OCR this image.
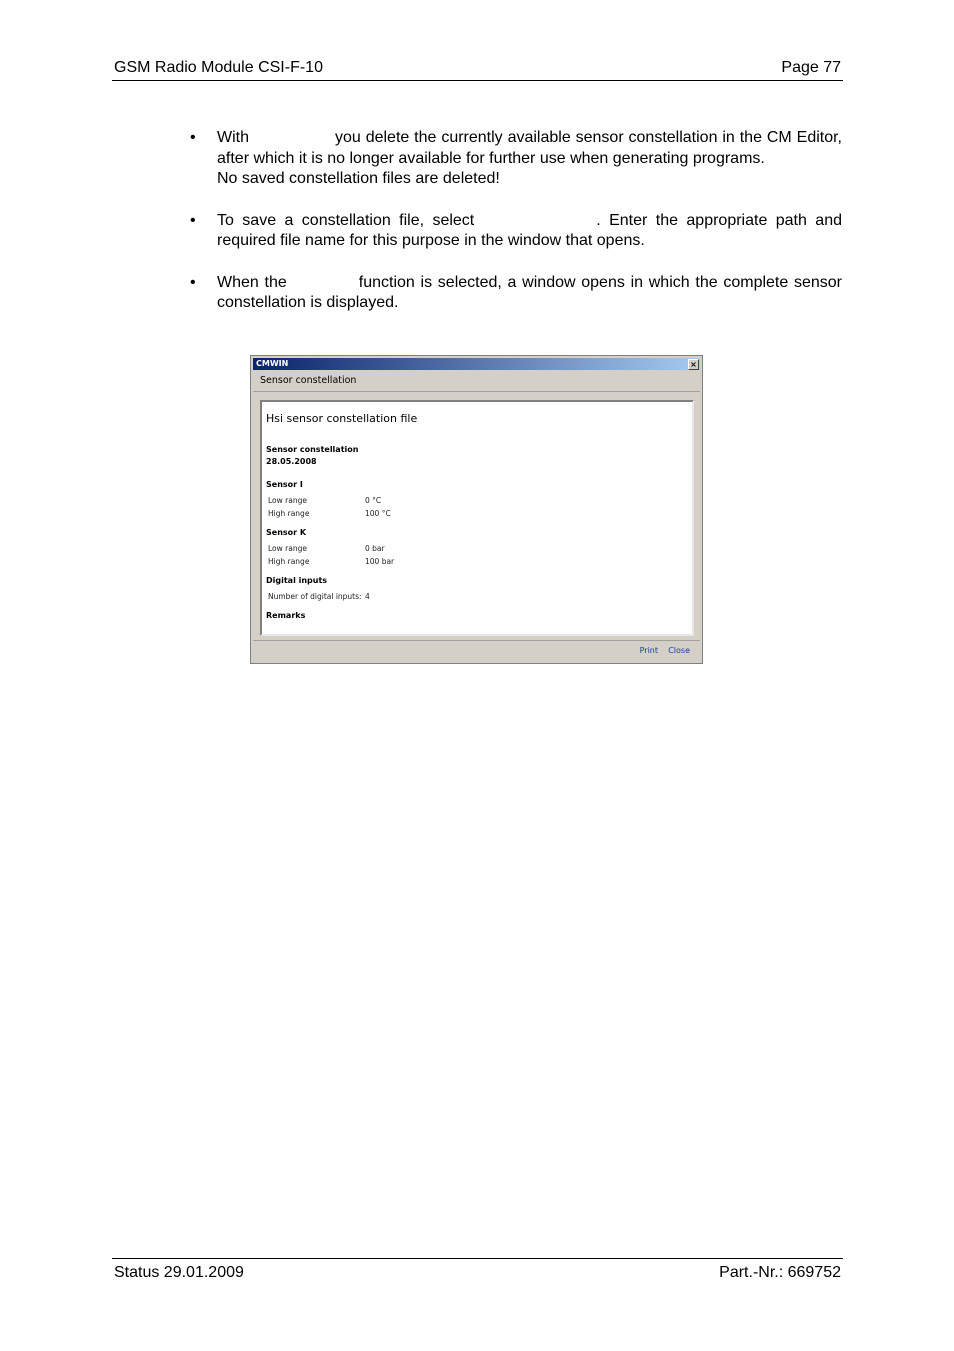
GSM Radio Module CSI-F-10	Page 77
• With	you delete the currently available sensor constellation in the CM Editor, after which it is no longer available for further use when generating programs.
No saved constellation files are deleted!

• To save a constellation file, select	. Enter the appropriate path and required file name for this purpose in the window that opens.

• When the	function is selected, a window opens in which the complete sensor constellation is displayed.

CMWIN	×
Sensor constellation
Hsi sensor constellation file
Sensor constellation
28.05.2008
Sensor I
Low range	0 °C
High range	100 °C
Sensor K
Low range	0 bar
High range	100 bar
Digital inputs
Number of digital inputs: 4
Remarks
Print Close
Status 29.01.2009	Part.-Nr.: 669752
